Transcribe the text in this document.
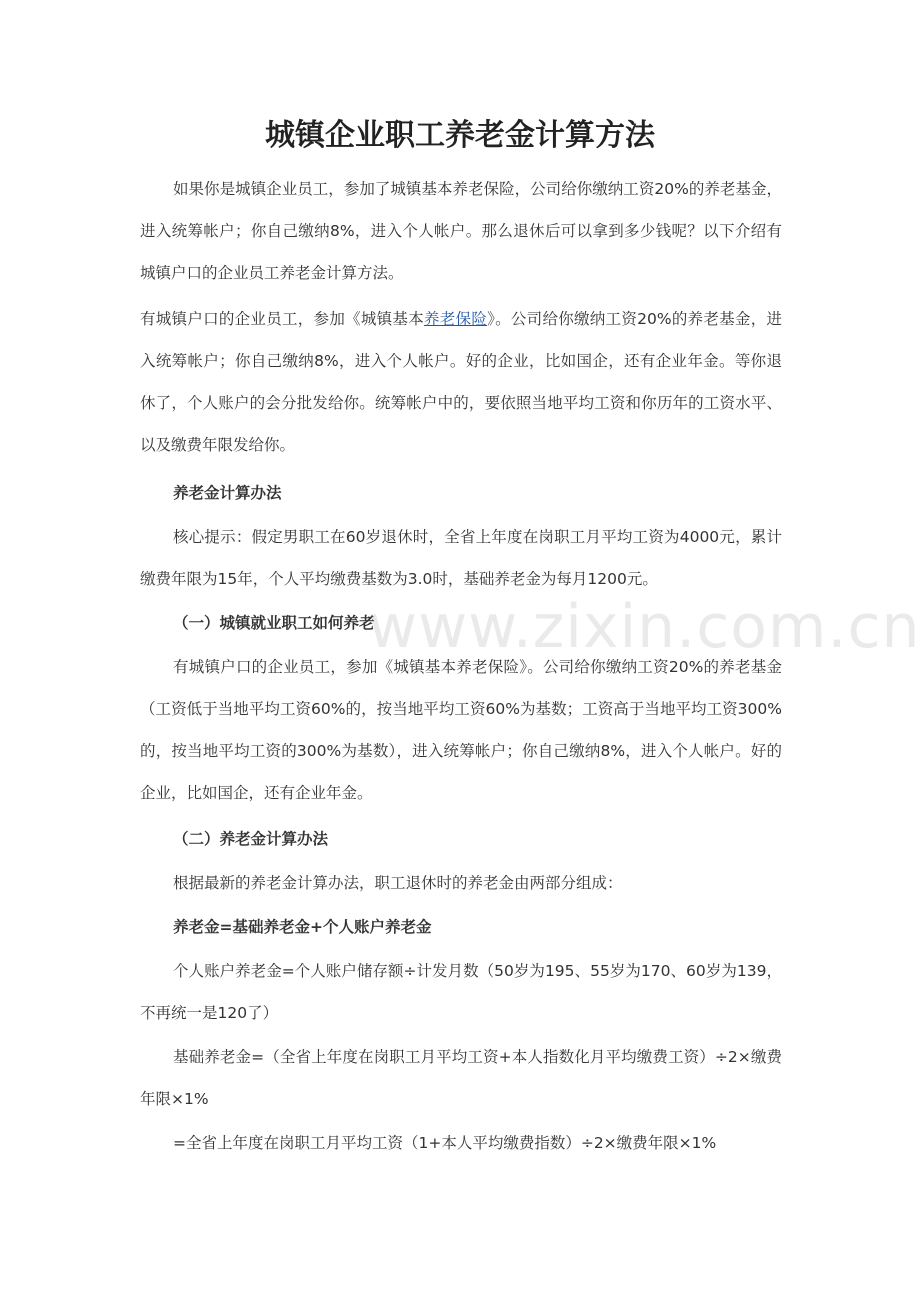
城镇企业职工养老金计算方法

如果你是城镇企业员工，参加了城镇基本养老保险，公司给你缴纳工资20%的养老基金，进入统筹帐户；你自己缴纳8%，进入个人帐户。那么退休后可以拿到多少钱呢？以下介绍有城镇户口的企业员工养老金计算方法。

有城镇户口的企业员工，参加《城镇基本养老保险》。公司给你缴纳工资20%的养老基金，进入统筹帐户；你自己缴纳8%，进入个人帐户。好的企业，比如国企，还有企业年金。等你退休了，个人账户的会分批发给你。统筹帐户中的，要依照当地平均工资和你历年的工资水平、以及缴费年限发给你。

养老金计算办法

核心提示：假定男职工在60岁退休时，全省上年度在岗职工月平均工资为4000元，累计缴费年限为15年，个人平均缴费基数为3.0时，基础养老金为每月1200元。

（一）城镇就业职工如何养老

有城镇户口的企业员工，参加《城镇基本养老保险》。公司给你缴纳工资20%的养老基金（工资低于当地平均工资60%的，按当地平均工资60%为基数；工资高于当地平均工资300%的，按当地平均工资的300%为基数），进入统筹帐户；你自己缴纳8%，进入个人帐户。好的企业，比如国企，还有企业年金。

（二）养老金计算办法

根据最新的养老金计算办法，职工退休时的养老金由两部分组成：

养老金=基础养老金+个人账户养老金

个人账户养老金=个人账户储存额÷计发月数（50岁为195、55岁为170、60岁为139，不再统一是120了）

基础养老金=（全省上年度在岗职工月平均工资+本人指数化月平均缴费工资）÷2×缴费年限×1%

=全省上年度在岗职工月平均工资（1+本人平均缴费指数）÷2×缴费年限×1%

www.zixin.com.cn
